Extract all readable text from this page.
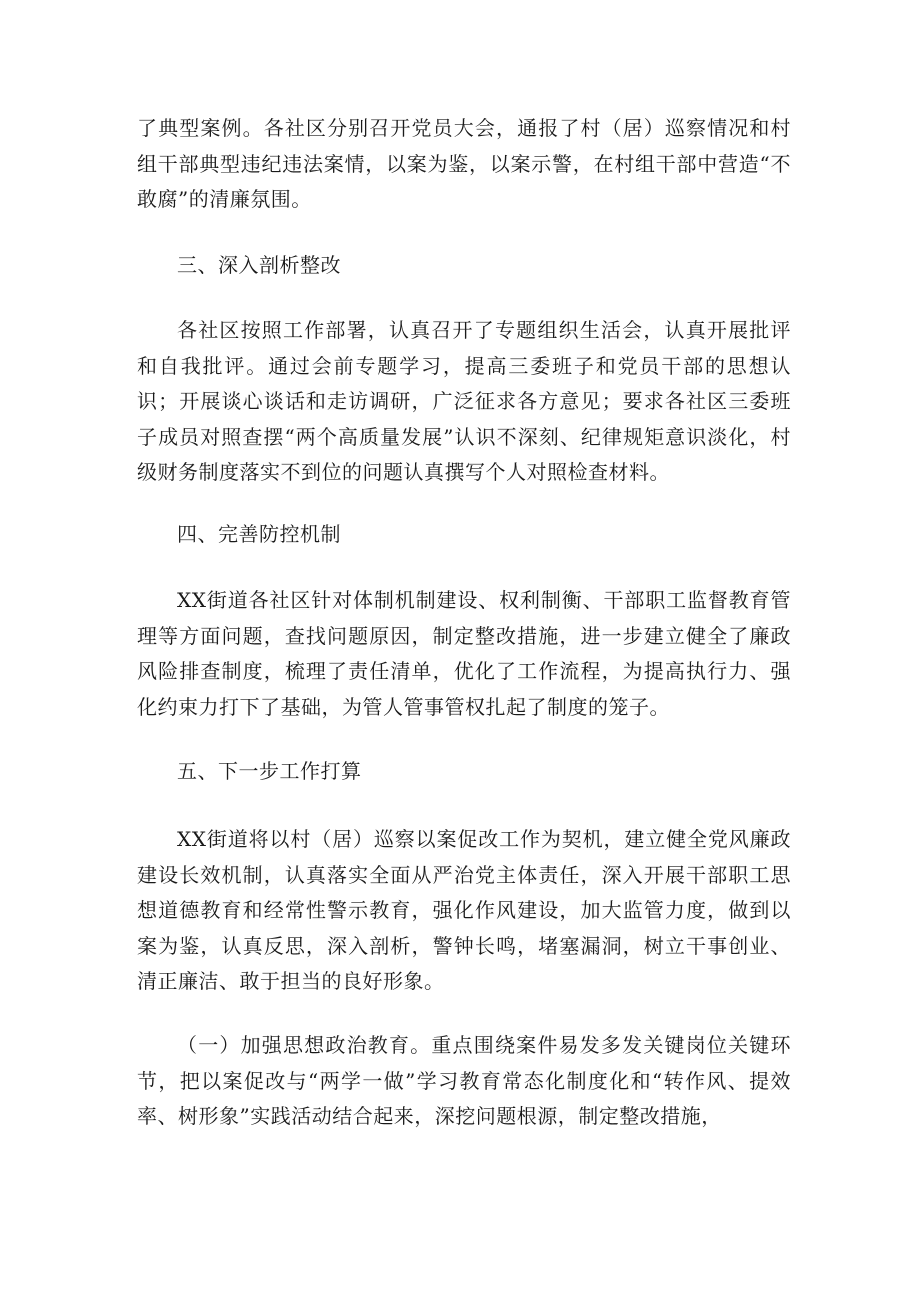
了典型案例。各社区分别召开党员大会，通报了村（居）巡察情况和村组干部典型违纪违法案情，以案为鉴，以案示警，在村组干部中营造“不敢腐”的清廉氛围。

三、深入剖析整改

各社区按照工作部署，认真召开了专题组织生活会，认真开展批评和自我批评。通过会前专题学习，提高三委班子和党员干部的思想认识；开展谈心谈话和走访调研，广泛征求各方意见；要求各社区三委班子成员对照查摆“两个高质量发展”认识不深刻、纪律规矩意识淡化，村级财务制度落实不到位的问题认真撰写个人对照检查材料。

四、完善防控机制

XX街道各社区针对体制机制建设、权利制衡、干部职工监督教育管理等方面问题，查找问题原因，制定整改措施，进一步建立健全了廉政风险排查制度，梳理了责任清单，优化了工作流程，为提高执行力、强化约束力打下了基础，为管人管事管权扎起了制度的笼子。

五、下一步工作打算

XX街道将以村（居）巡察以案促改工作为契机，建立健全党风廉政建设长效机制，认真落实全面从严治党主体责任，深入开展干部职工思想道德教育和经常性警示教育，强化作风建设，加大监管力度，做到以案为鉴，认真反思，深入剖析，警钟长鸣，堵塞漏洞，树立干事创业、清正廉洁、敢于担当的良好形象。

（一）加强思想政治教育。重点围绕案件易发多发关键岗位关键环节，把以案促改与“两学一做”学习教育常态化制度化和“转作风、提效率、树形象”实践活动结合起来，深挖问题根源，制定整改措施，
